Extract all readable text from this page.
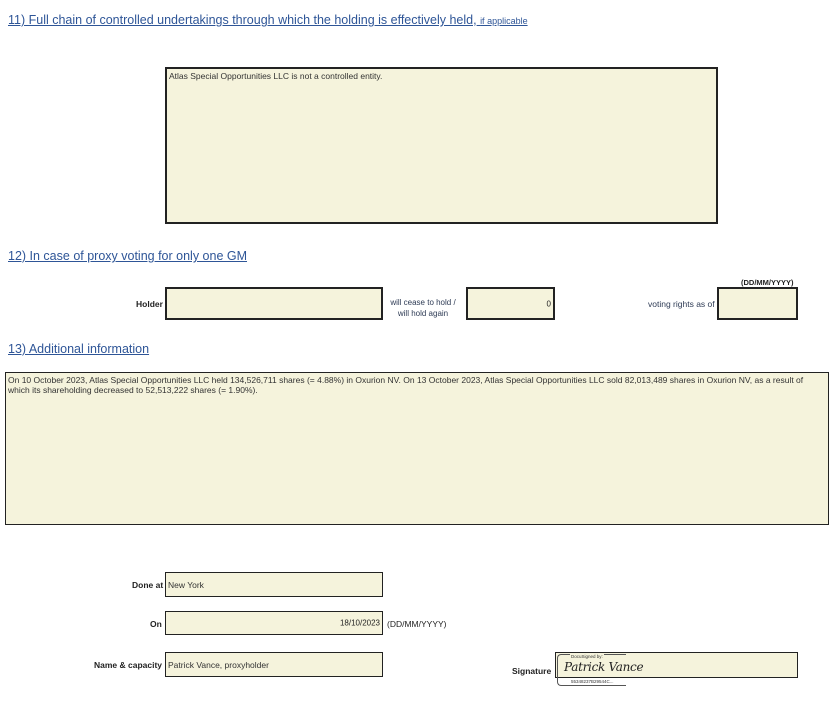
11) Full chain of controlled undertakings through which the holding is effectively held, if applicable
Atlas Special Opportunities LLC is not a controlled entity.
12) In case of proxy voting for only one GM
Holder	will cease to hold /
will hold again
0
(DD/MM/YYYY)
voting rights as of
13) Additional information
On 10 October 2023, Atlas Special Opportunities LLC held 134,526,711 shares (= 4.88%) in Oxurion NV. On 13 October 2023, Atlas Special Opportunities LLC sold 82,013,489 shares in Oxurion NV, as a result of which its shareholding decreased to 52,513,222 shares (= 1.90%).
Done at New York
On	18/10/2023 (DD/MM/YYYY)
Name & capacity Patrick Vance, proxyholder
Signature
DocuSigned by:
Patrick Vance
55348237B29544C...
